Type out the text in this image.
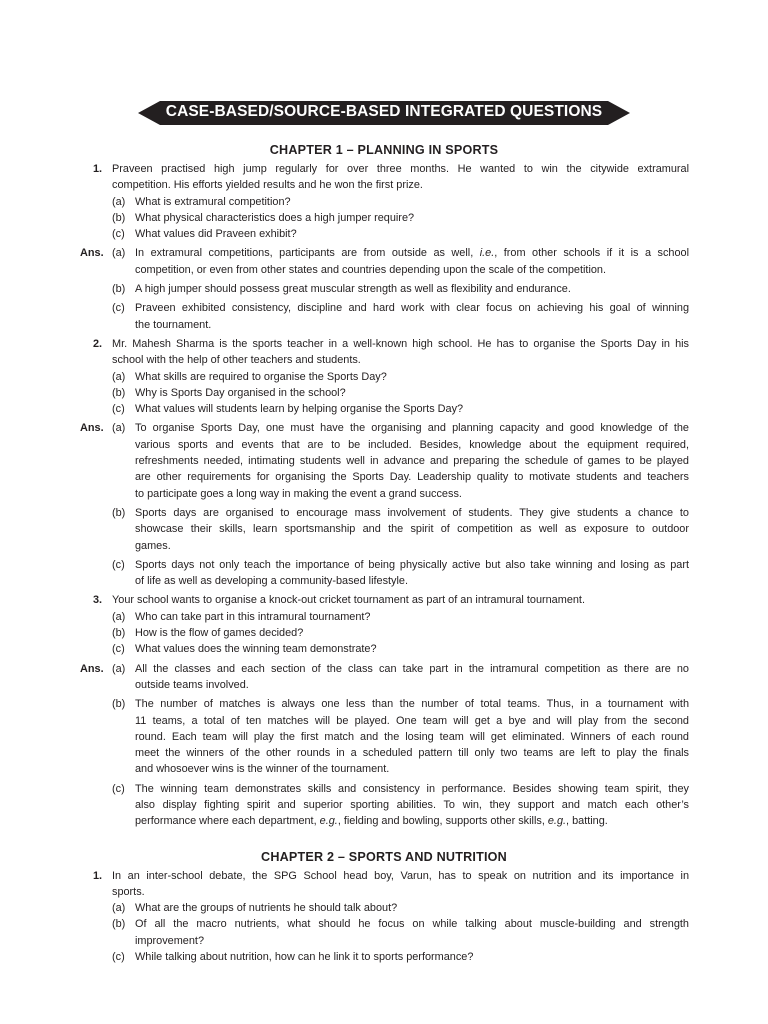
CASE-BASED/SOURCE-BASED INTEGRATED QUESTIONS
CHAPTER 1 – PLANNING IN SPORTS
1. Praveen practised high jump regularly for over three months. He wanted to win the citywide extramural
competition. His efforts yielded results and he won the first prize.
(a) What is extramural competition?
(b) What physical characteristics does a high jumper require?
(c) What values did Praveen exhibit?
Ans. (a) In extramural competitions, participants are from outside as well, i.e., from other schools if it is a school
competition, or even from other states and countries depending upon the scale of the competition.
(b) A high jumper should possess great muscular strength as well as flexibility and endurance.
(c) Praveen exhibited consistency, discipline and hard work with clear focus on achieving his goal of winning
the tournament.
2. Mr. Mahesh Sharma is the sports teacher in a well-known high school. He has to organise the Sports Day in his
school with the help of other teachers and students.
(a) What skills are required to organise the Sports Day?
(b) Why is Sports Day organised in the school?
(c) What values will students learn by helping organise the Sports Day?
Ans. (a) To organise Sports Day, one must have the organising and planning capacity and good knowledge of the
various sports and events that are to be included. Besides, knowledge about the equipment required,
refreshments needed, intimating students well in advance and preparing the schedule of games to be played
are other requirements for organising the Sports Day. Leadership quality to motivate students and teachers
to participate goes a long way in making the event a grand success.
(b) Sports days are organised to encourage mass involvement of students. They give students a chance to
showcase their skills, learn sportsmanship and the spirit of competition as well as exposure to outdoor
games.
(c) Sports days not only teach the importance of being physically active but also take winning and losing as part
of life as well as developing a community-based lifestyle.
3. Your school wants to organise a knock-out cricket tournament as part of an intramural tournament.
(a) Who can take part in this intramural tournament?
(b) How is the flow of games decided?
(c) What values does the winning team demonstrate?
Ans. (a) All the classes and each section of the class can take part in the intramural competition as there are no
outside teams involved.
(b) The number of matches is always one less than the number of total teams. Thus, in a tournament with
11 teams, a total of ten matches will be played. One team will get a bye and will play from the second
round. Each team will play the first match and the losing team will get eliminated. Winners of each round
meet the winners of the other rounds in a scheduled pattern till only two teams are left to play the finals
and whosoever wins is the winner of the tournament.
(c) The winning team demonstrates skills and consistency in performance. Besides showing team spirit, they
also display fighting spirit and superior sporting abilities. To win, they support and match each other’s
performance where each department, e.g., fielding and bowling, supports other skills, e.g., batting.
CHAPTER 2 – SPORTS AND NUTRITION
1. In an inter-school debate, the SPG School head boy, Varun, has to speak on nutrition and its importance in
sports.
(a) What are the groups of nutrients he should talk about?
(b) Of all the macro nutrients, what should he focus on while talking about muscle-building and strength
improvement?
(c) While talking about nutrition, how can he link it to sports performance?
